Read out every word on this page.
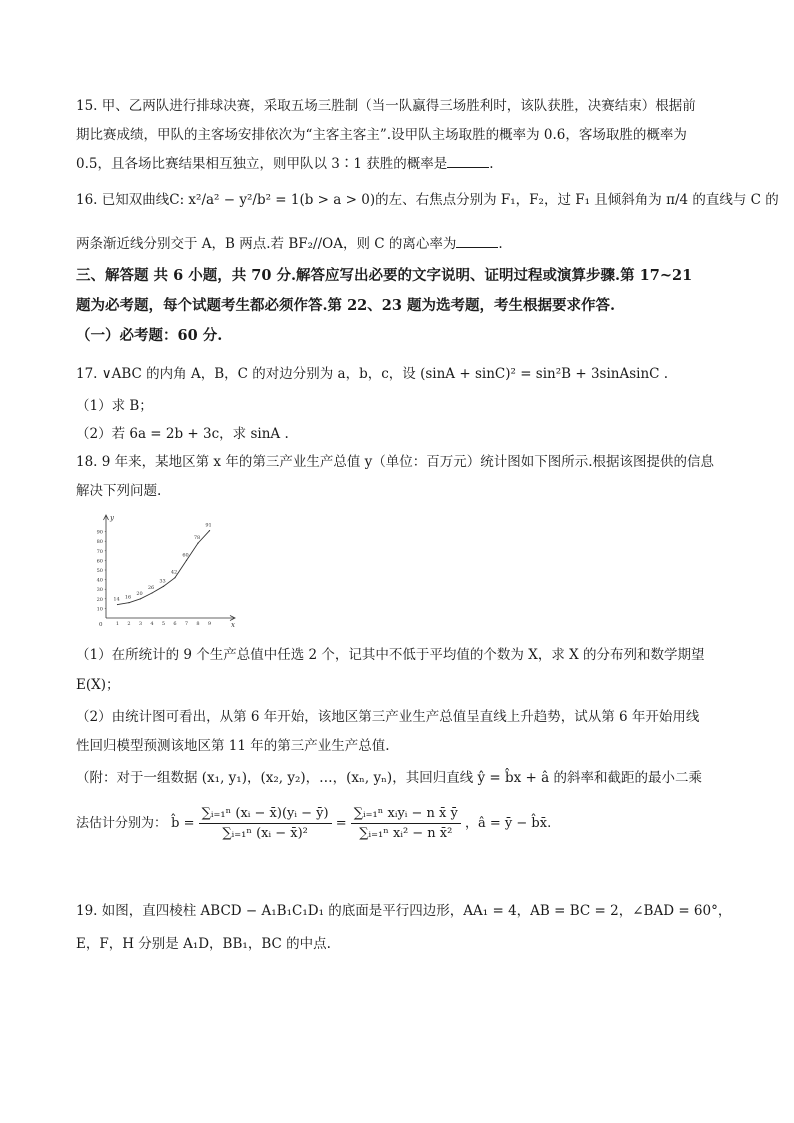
15. 甲、乙两队进行排球决赛，采取五场三胜制（当一队赢得三场胜利时，该队获胜，决赛结束）根据前
期比赛成绩，甲队的主客场安排依次为“主客主客主”.设甲队主场取胜的概率为 0.6，客场取胜的概率为
0.5，且各场比赛结果相互独立，则甲队以 3∶1 获胜的概率是	.
16. 已知双曲线C: x²/a² − y²/b² = 1(b > a > 0)的左、右焦点分别为 F₁，F₂，过 F₁ 且倾斜角为 π/4 的直线与 C 的
两条渐近线分别交于 A，B 两点.若 BF₂//OA，则 C 的离心率为	.
三、解答题 共 6 小题，共 70 分.解答应写出必要的文字说明、证明过程或演算步骤.第 17~21
题为必考题，每个试题考生都必须作答.第 22、23 题为选考题，考生根据要求作答.
（一）必考题：60 分.
17. ∨ABC 的内角 A，B，C 的对边分别为 a，b，c，设 (sinA + sinC)² = sin²B + 3sinAsinC .
（1）求 B；
（2）若 6a = 2b + 3c，求 sinA .
18. 9 年来，某地区第 x 年的第三产业生产总值 y（单位：百万元）统计图如下图所示.根据该图提供的信息
解决下列问题.
y
x
0
10
20
30
40
50
60
70
80
90
1 2 3 4 5 6 7 8 9
14 16
20
26
33
42
60
78
91
（1）在所统计的 9 个生产总值中任选 2 个，记其中不低于平均值的个数为 X，求 X 的分布列和数学期望
E(X)；
（2）由统计图可看出，从第 6 年开始，该地区第三产业生产总值呈直线上升趋势，试从第 6 年开始用线
性回归模型预测该地区第 11 年的第三产业生产总值.
（附：对于一组数据 (x₁, y₁)，(x₂, y₂)，…，(xₙ, yₙ)，其回归直线 ŷ = b̂x + â 的斜率和截距的最小二乘
法估计分别为： b̂ = $\frac{\text{∑ᵢ₌₁ⁿ (xᵢ − x̄)(yᵢ − ȳ)}}{\text{∑ᵢ₌₁ⁿ (xᵢ − x̄)²}} = \frac{\text{∑ᵢ₌₁ⁿ xᵢyᵢ − n x̄ ȳ}}{\text{∑ᵢ₌₁ⁿ xᵢ² − n x̄²}}$ ，â = ȳ − b̂x̄.
19. 如图，直四棱柱 ABCD − A₁B₁C₁D₁ 的底面是平行四边形，AA₁ = 4，AB = BC = 2，∠BAD = 60°，
E，F，H 分别是 A₁D，BB₁，BC 的中点.
